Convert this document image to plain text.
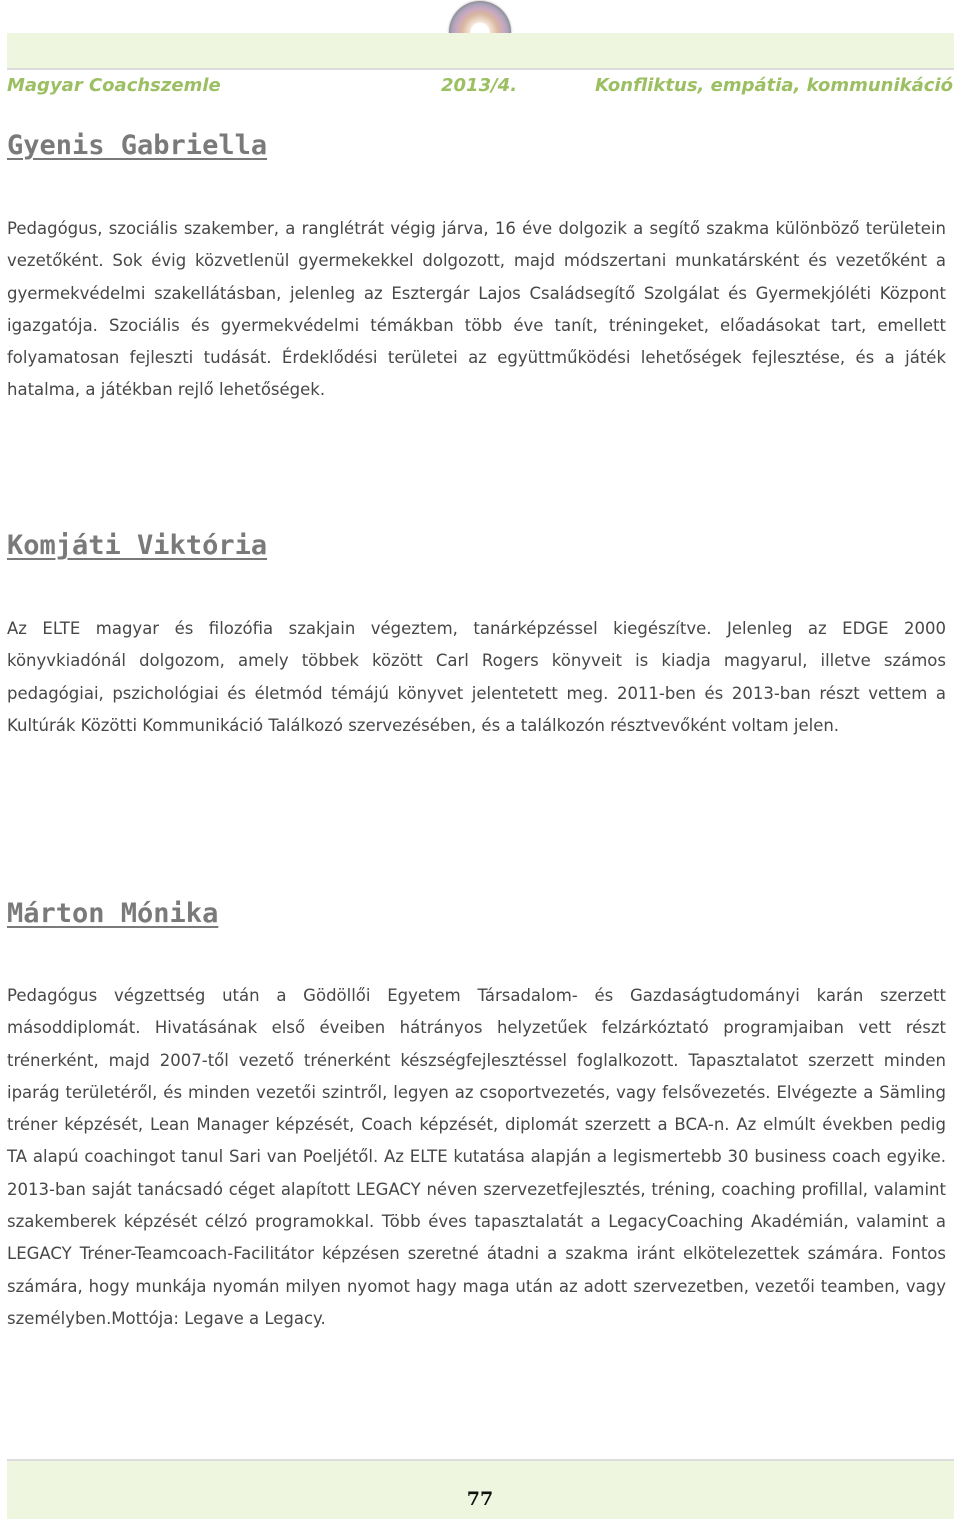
Magyar Coachszemle	2013/4.	Konfliktus, empátia, kommunikáció
Gyenis Gabriella

Pedagógus, szociális szakember, a ranglétrát végig járva, 16 éve dolgozik a segítő szakma különböző területein vezetőként. Sok évig közvetlenül gyermekekkel dolgozott, majd módszertani munkatársként és vezetőként a gyermekvédelmi szakellátásban, jelenleg az Esztergár Lajos Családsegítő Szolgálat és Gyermekjóléti Központ igazgatója. Szociális és gyermekvédelmi témákban több éve tanít, tréningeket, előadásokat tart, emellett folyamatosan fejleszti tudását. Érdeklődési területei az együttműködési lehetőségek fejlesztése, és a játék hatalma, a játékban rejlő lehetőségek.

Komjáti Viktória

Az ELTE magyar és filozófia szakjain végeztem, tanárképzéssel kiegészítve. Jelenleg az EDGE 2000 könyvkiadónál dolgozom, amely többek között Carl Rogers könyveit is kiadja magyarul, illetve számos pedagógiai, pszichológiai és életmód témájú könyvet jelentetett meg. 2011-ben és 2013-ban részt vettem a Kultúrák Közötti Kommunikáció Találkozó szervezésében, és a találkozón résztvevőként voltam jelen.

Márton Mónika

Pedagógus végzettség után a Gödöllői Egyetem Társadalom- és Gazdaságtudományi karán szerzett másoddiplomát. Hivatásának első éveiben hátrányos helyzetűek felzárkóztató programjaiban vett részt trénerként, majd 2007-től vezető trénerként készségfejlesztéssel foglalkozott. Tapasztalatot szerzett minden iparág területéről, és minden vezetői szintről, legyen az csoportvezetés, vagy felsővezetés. Elvégezte a Sämling tréner képzését, Lean Manager képzését, Coach képzését, diplomát szerzett a BCA-n. Az elmúlt években pedig TA alapú coachingot tanul Sari van Poeljétől. Az ELTE kutatása alapján a legismertebb 30 business coach egyike. 2013-ban saját tanácsadó céget alapított LEGACY néven szervezetfejlesztés, tréning, coaching profillal, valamint szakemberek képzését célzó programokkal. Több éves tapasztalatát a LegacyCoaching Akadémián, valamint a LEGACY Tréner-Teamcoach-Facilitátor képzésen szeretné átadni a szakma iránt elkötelezettek számára. Fontos számára, hogy munkája nyomán milyen nyomot hagy maga után az adott szervezetben, vezetői teamben, vagy személyben.Mottója: Legave a Legacy.

77
